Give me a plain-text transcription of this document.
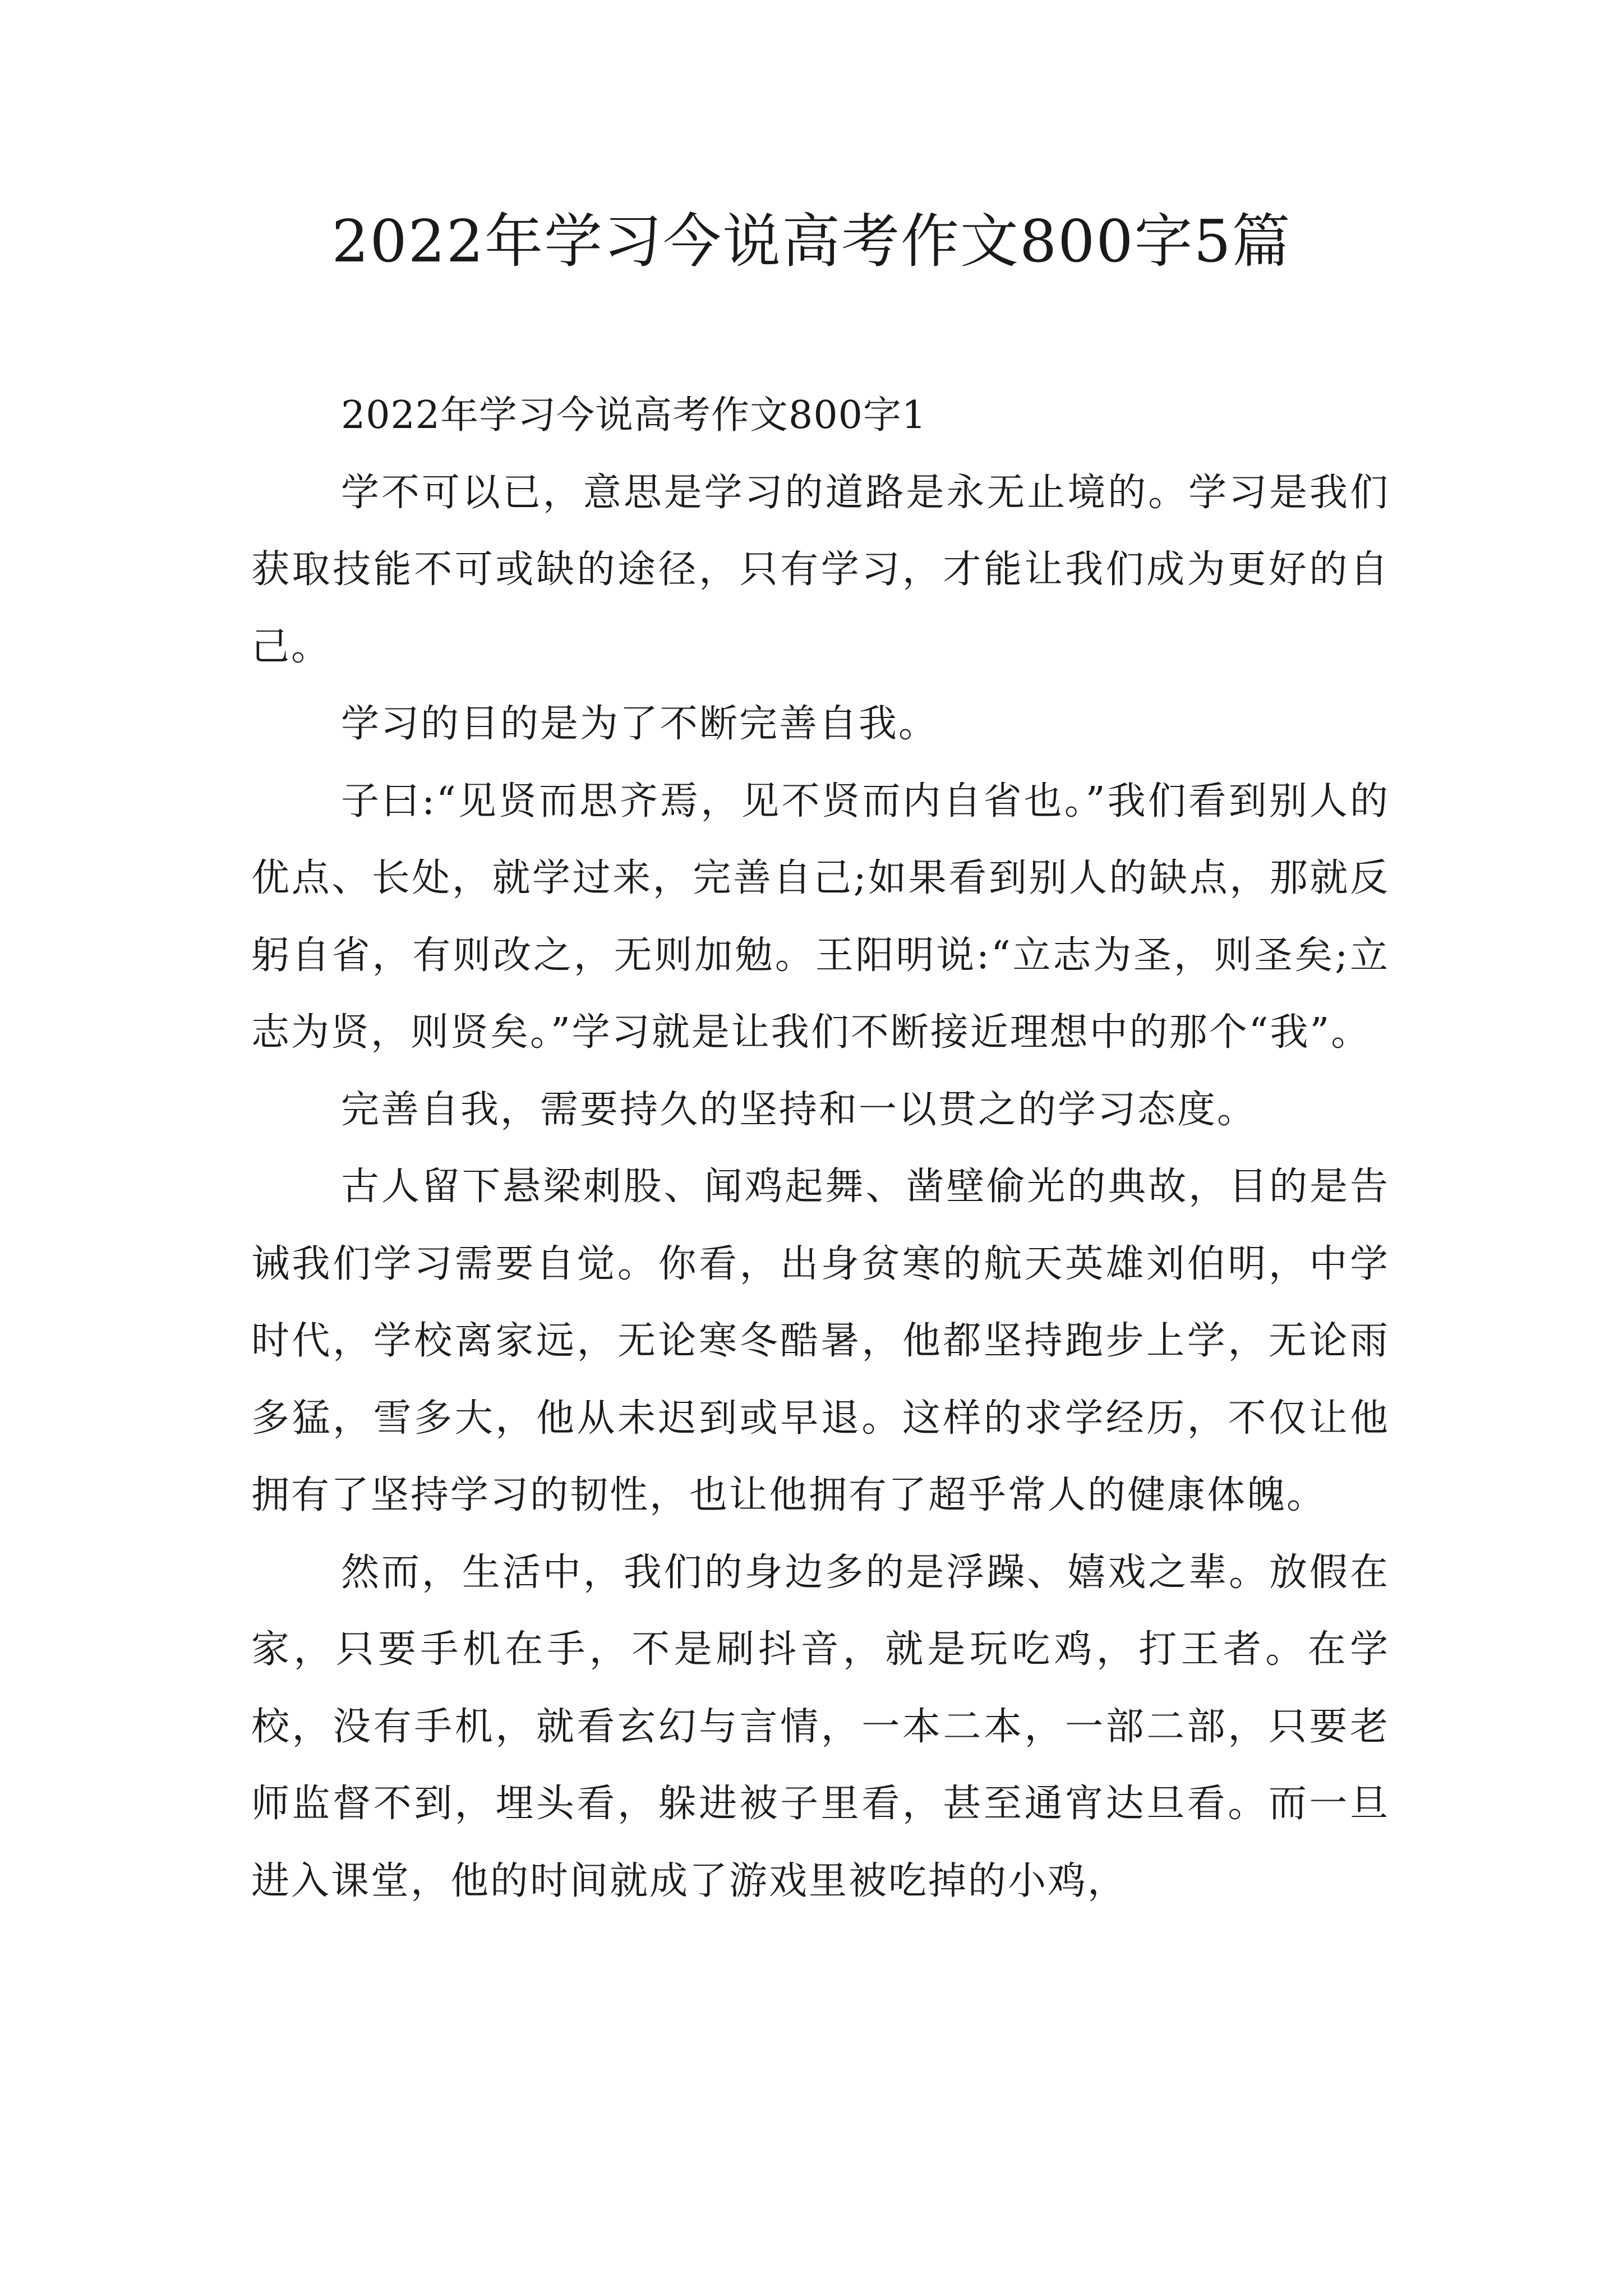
2022年学习今说高考作文800字5篇

2022年学习今说高考作文800字1

学不可以已，意思是学习的道路是永无止境的。学习是我们获取技能不可或缺的途径，只有学习，才能让我们成为更好的自己。

学习的目的是为了不断完善自我。

子曰:“见贤而思齐焉，见不贤而内自省也。”我们看到别人的优点、长处，就学过来，完善自己;如果看到别人的缺点，那就反躬自省，有则改之，无则加勉。王阳明说:“立志为圣，则圣矣;立志为贤，则贤矣。”学习就是让我们不断接近理想中的那个“我”。

完善自我，需要持久的坚持和一以贯之的学习态度。

古人留下悬梁刺股、闻鸡起舞、凿壁偷光的典故，目的是告诫我们学习需要自觉。你看，出身贫寒的航天英雄刘伯明，中学时代，学校离家远，无论寒冬酷暑，他都坚持跑步上学，无论雨多猛，雪多大，他从未迟到或早退。这样的求学经历，不仅让他拥有了坚持学习的韧性，也让他拥有了超乎常人的健康体魄。

然而，生活中，我们的身边多的是浮躁、嬉戏之辈。放假在家，只要手机在手，不是刷抖音，就是玩吃鸡，打王者。在学校，没有手机，就看玄幻与言情，一本二本，一部二部，只要老师监督不到，埋头看，躲进被子里看，甚至通宵达旦看。而一旦进入课堂，他的时间就成了游戏里被吃掉的小鸡，
